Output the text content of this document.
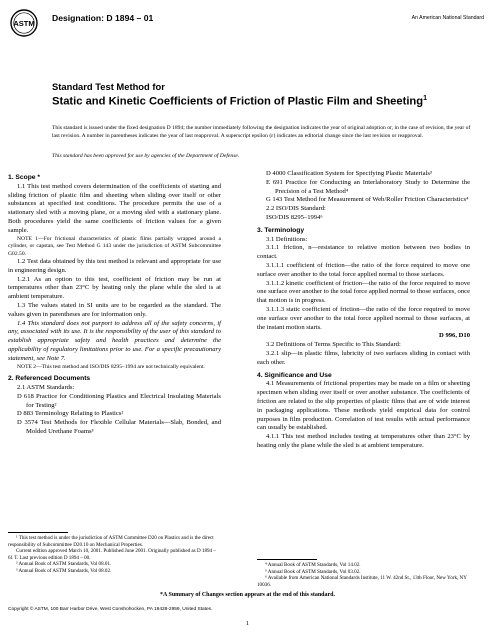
ASTM
Designation: D 1894 – 01	An American National Standard
Standard Test Method for
Static and Kinetic Coefficients of Friction of Plastic Film and Sheeting$^1$
This standard is issued under the fixed designation D 1894; the number immediately following the designation indicates the year of original adoption or, in the case of revision, the year of last revision. A number in parentheses indicates the year of last reapproval. A superscript epsilon (ε) indicates an editorial change since the last revision or reapproval.
This standard has been approved for use by agencies of the Department of Defense.

1. Scope *

1.1 This test method covers determination of the coefficients of starting and sliding friction of plastic film and sheeting when sliding over itself or other substances at specified test conditions. The procedure permits the use of a stationary sled with a moving plane, or a moving sled with a stationary plane. Both procedures yield the same coefficients of friction values for a given sample.

NOTE 1—For frictional characteristics of plastic films partially wrapped around a cylinder, or capstan, see Test Method G 143 under the jurisdiction of ASTM Subcommittee G02.50.

1.2 Test data obtained by this test method is relevant and appropriate for use in engineering design.

1.2.1 As an option to this test, coefficient of friction may be run at temperatures other than 23°C by heating only the plane while the sled is at ambient temperature.

1.3 The values stated in SI units are to be regarded as the standard. The values given in parentheses are for information only.

1.4 This standard does not purport to address all of the safety concerns, if any, associated with its use. It is the responsibility of the user of this standard to establish appropriate safety and health practices and determine the applicability of regulatory limitations prior to use. For a specific precautionary statement, see Note 7.

NOTE 2—This test method and ISO/DIS 8295–1994 are not technically equivalent.

2. Referenced Documents

2.1 ASTM Standards:

D 618 Practice for Conditioning Plastics and Electrical Insulating Materials for Testing²

D 883 Terminology Relating to Plastics²

D 3574 Test Methods for Flexible Cellular Materials—Slab, Bonded, and Molded Urethane Foams³

D 4000 Classification System for Specifying Plastic Materials³

E 691 Practice for Conducting an Interlaboratory Study to Determine the Precision of a Test Method⁴

G 143 Test Method for Measurement of Web/Roller Friction Characteristics⁴

2.2 ISO/DIS Standard:

ISO/DIS 8295–1994⁶

3. Terminology

3.1 Definitions:

3.1.1 friction, n—resistance to relative motion between two bodies in contact.

3.1.1.1 coefficient of friction—the ratio of the force required to move one surface over another to the total force applied normal to those surfaces.

3.1.1.2 kinetic coefficient of friction—the ratio of the force required to move one surface over another to the total force applied normal to those surfaces, once that motion is in progress.

3.1.1.3 static coefficient of friction—the ratio of the force required to move one surface over another to the total force applied normal to those surfaces, at the instant motion starts.

D 996, D10

3.2 Definitions of Terms Specific to This Standard:

3.2.1 slip—in plastic films, lubricity of two surfaces sliding in contact with each other.

4. Significance and Use

4.1 Measurements of frictional properties may be made on a film or sheeting specimen when sliding over itself or over another substance. The coefficients of friction are related to the slip properties of plastic films that are of wide interest in packaging applications. These methods yield empirical data for control purposes in film production. Correlation of test results with actual performance can usually be established.

4.1.1 This test method includes testing at temperatures other than 23°C by heating only the plane while the sled is at ambient temperature.

¹ This test method is under the jurisdiction of ASTM Committee D20 on Plastics and is the direct responsibility of Subcommittee D20.10 on Mechanical Properties.

Current edition approved March 10, 2001. Published June 2001. Originally published as D 1894 – 61 T. Last previous edition D 1894 – 00.

² Annual Book of ASTM Standards, Vol 08.01.

³ Annual Book of ASTM Standards, Vol 08.02.

⁴ Annual Book of ASTM Standards, Vol 14.02.

⁵ Annual Book of ASTM Standards, Vol 03.02.

⁶ Available from American National Standards Institute, 11 W. 42nd St., 13th Floor, New York, NY 10036.

*A Summary of Changes section appears at the end of this standard.
Copyright © ASTM, 100 Barr Harbor Drive, West Conshohocken, PA 19428-2959, United States.
1
